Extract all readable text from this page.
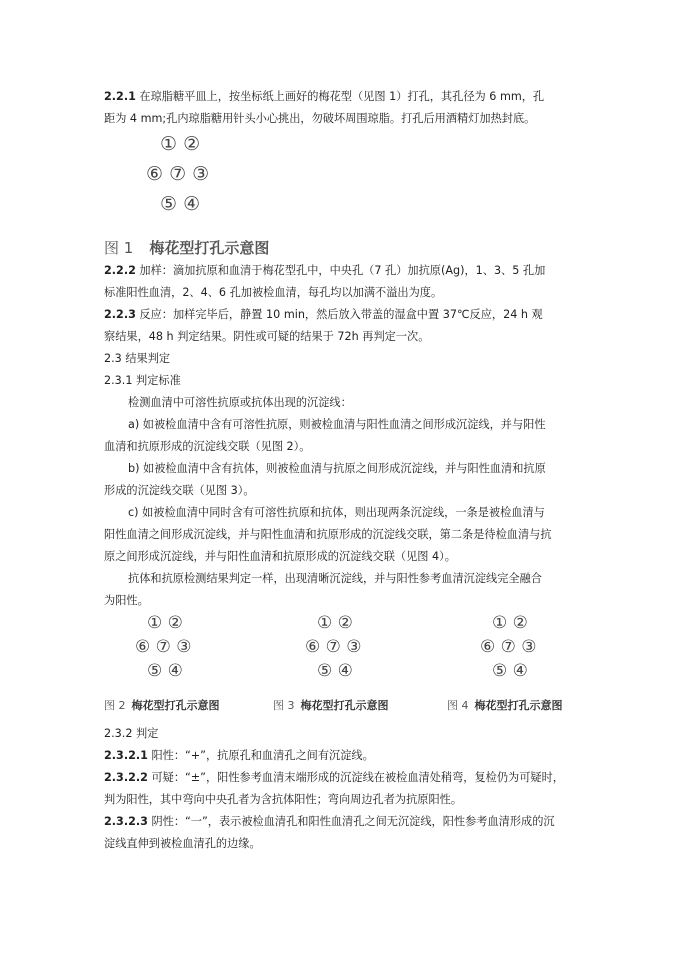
2.2.1 在琼脂糖平皿上，按坐标纸上画好的梅花型（见图 1）打孔，其孔径为 6 mm，孔
距为 4 mm;孔内琼脂糖用针头小心挑出，勿破坏周围琼脂。打孔后用酒精灯加热封底。
① ②
⑥ ⑦ ③
⑤ ④
图 1 梅花型打孔示意图
2.2.2 加样：滴加抗原和血清于梅花型孔中，中央孔（7 孔）加抗原(Ag)，1、3、5 孔加
标准阳性血清，2、4、6 孔加被检血清，每孔均以加满不溢出为度。
2.2.3 反应：加样完毕后，静置 10 min，然后放入带盖的湿盒中置 37℃反应，24 h 观
察结果，48 h 判定结果。阴性或可疑的结果于 72h 再判定一次。
2.3 结果判定
2.3.1 判定标准
检测血清中可溶性抗原或抗体出现的沉淀线：
a) 如被检血清中含有可溶性抗原，则被检血清与阳性血清之间形成沉淀线，并与阳性
血清和抗原形成的沉淀线交联（见图 2）。
b) 如被检血清中含有抗体，则被检血清与抗原之间形成沉淀线，并与阳性血清和抗原
形成的沉淀线交联（见图 3）。
c) 如被检血清中同时含有可溶性抗原和抗体，则出现两条沉淀线，一条是被检血清与
阳性血清之间形成沉淀线，并与阳性血清和抗原形成的沉淀线交联，第二条是待检血清与抗
原之间形成沉淀线，并与阳性血清和抗原形成的沉淀线交联（见图 4）。
抗体和抗原检测结果判定一样，出现清晰沉淀线，并与阳性参考血清沉淀线完全融合
为阳性。
① ②
⑥ ⑦ ③
⑤ ④
图 2 梅花型打孔示意图
① ②
⑥ ⑦ ③
⑤ ④
图 3 梅花型打孔示意图
① ②
⑥ ⑦ ③
⑤ ④
图 4 梅花型打孔示意图
2.3.2 判定
2.3.2.1 阳性：“+”，抗原孔和血清孔之间有沉淀线。
2.3.2.2 可疑：“±”，阳性参考血清末端形成的沉淀线在被检血清处稍弯，复检仍为可疑时，
判为阳性，其中弯向中央孔者为含抗体阳性；弯向周边孔者为抗原阳性。
2.3.2.3 阴性：“一”，表示被检血清孔和阳性血清孔之间无沉淀线，阳性参考血清形成的沉
淀线直伸到被检血清孔的边缘。
